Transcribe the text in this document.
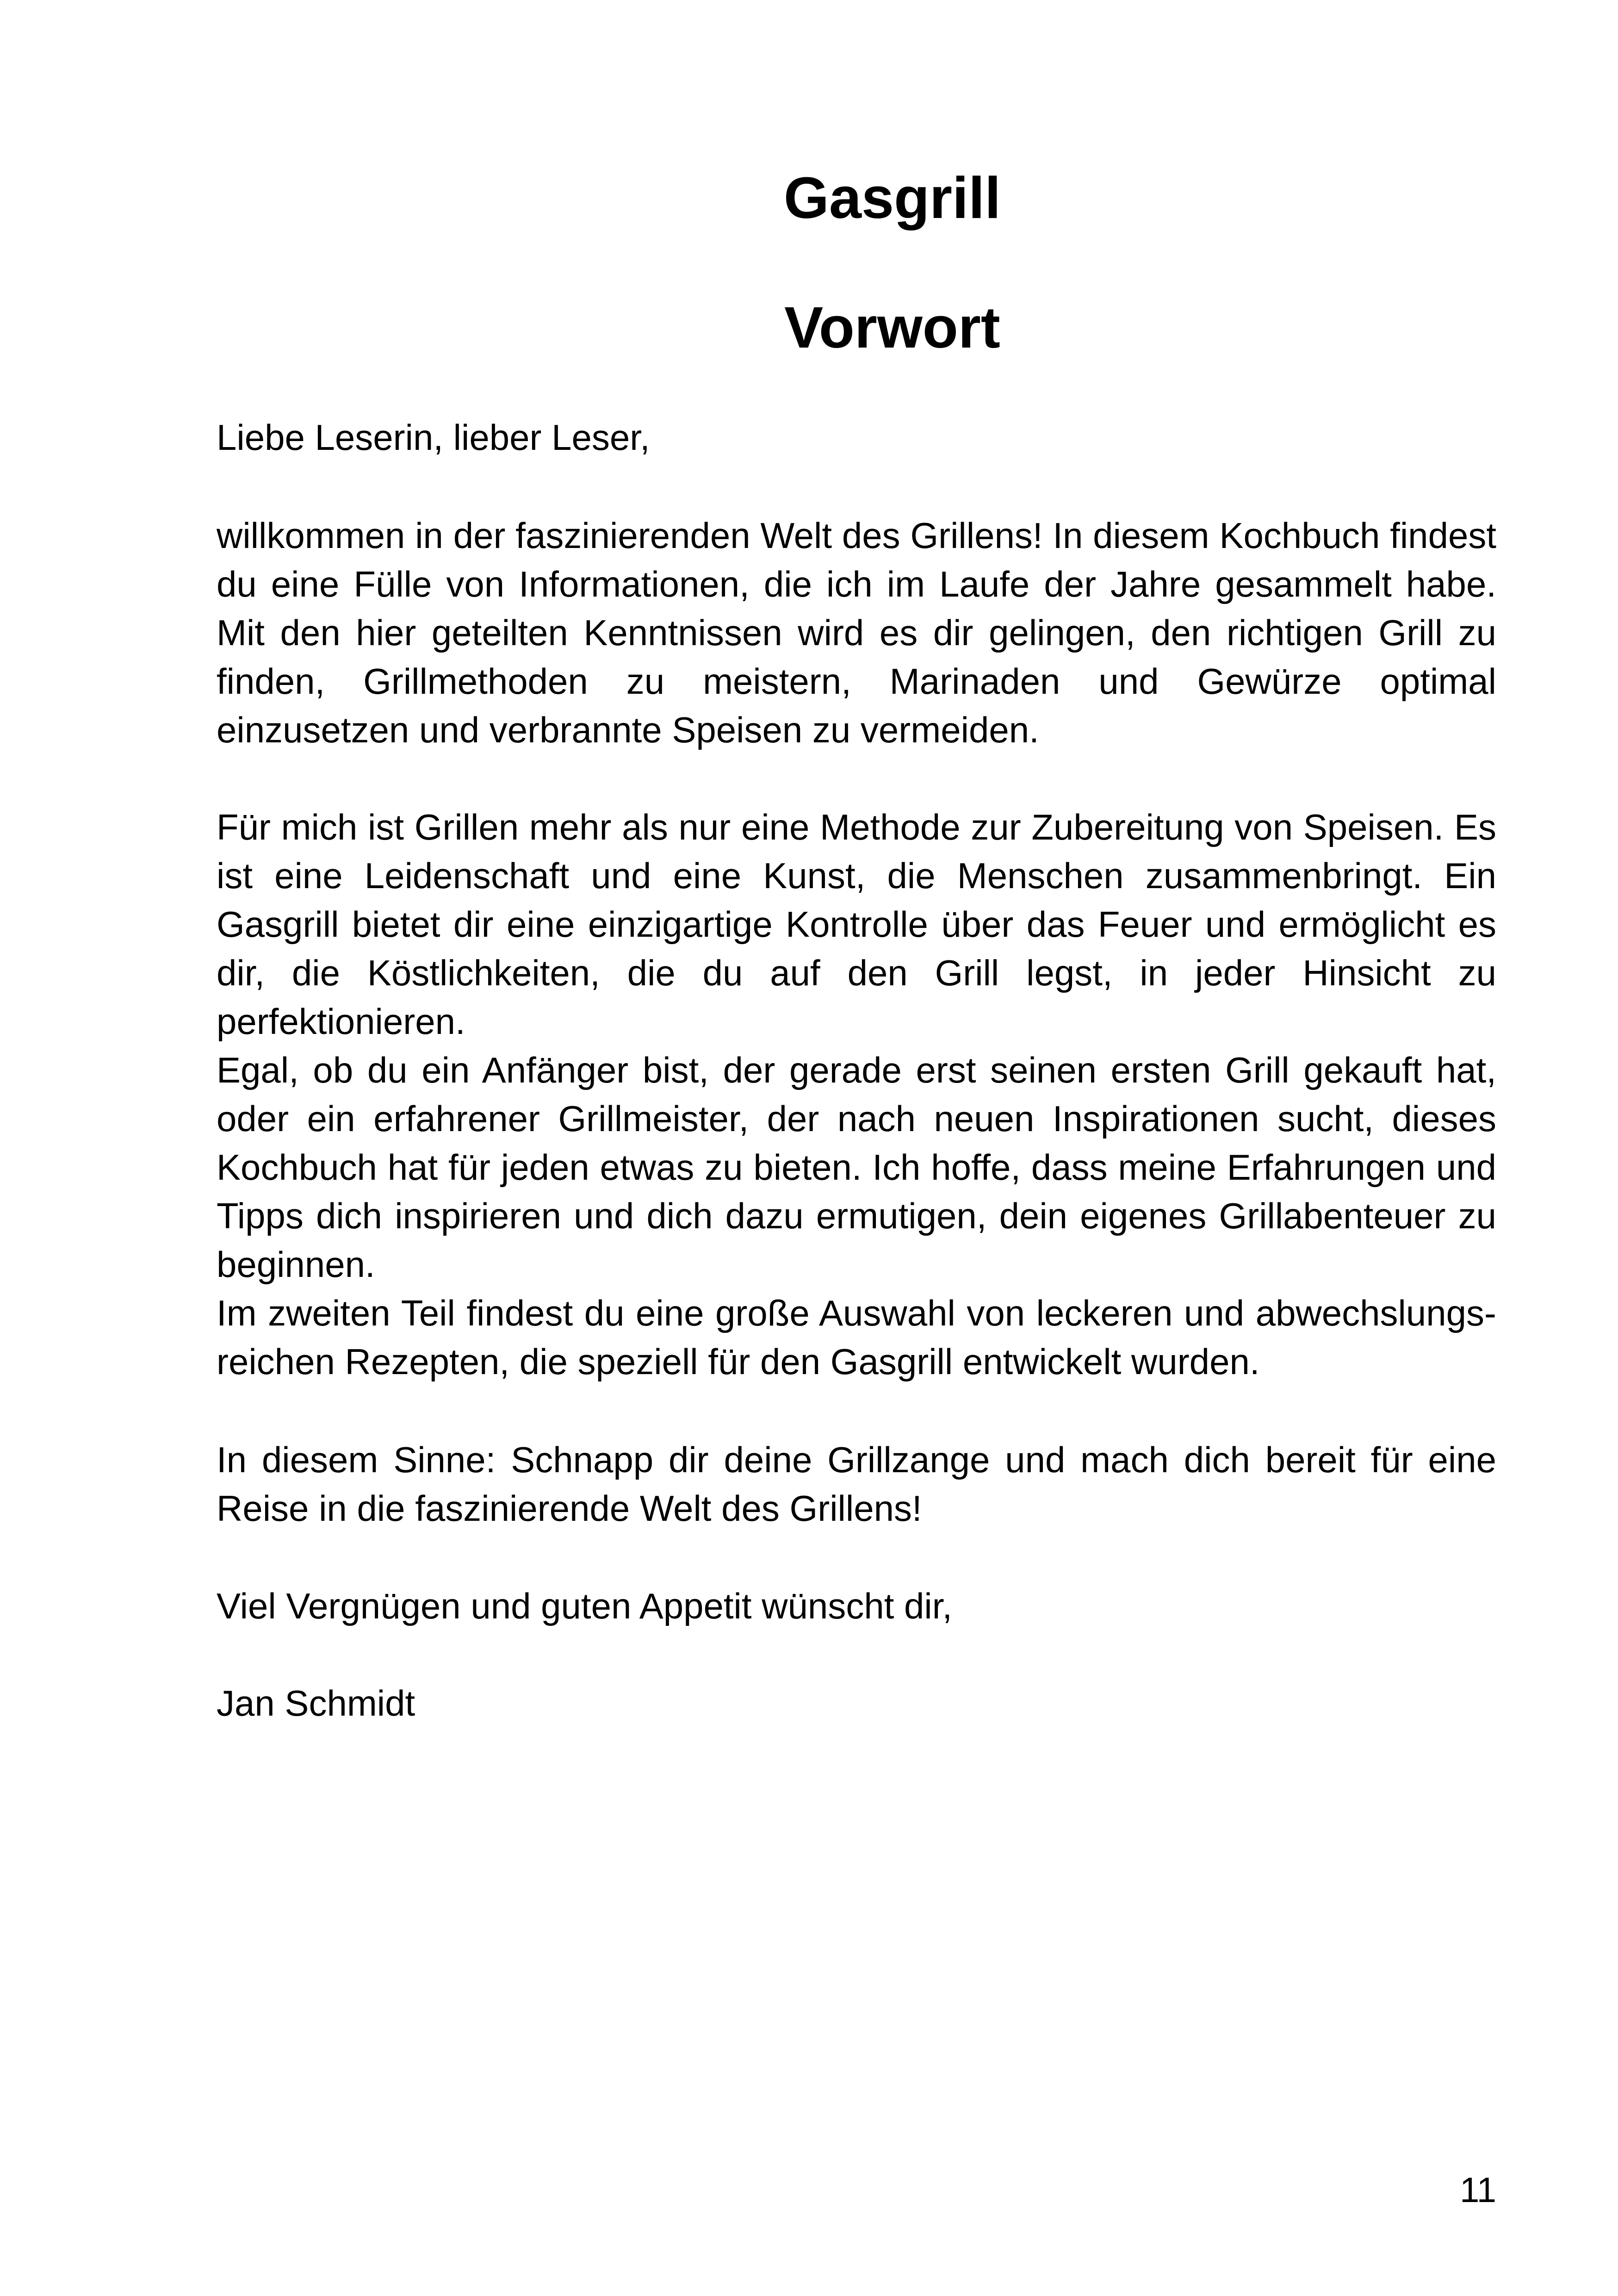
Gasgrill
Vorwort

Liebe Leserin, lieber Leser,

willkommen in der faszinierenden Welt des Grillens! In diesem Kochbuch findest du eine Fülle von Informationen, die ich im Laufe der Jahre gesammelt habe. Mit den hier geteilten Kenntnissen wird es dir gelingen, den richtigen Grill zu finden, Grillmethoden zu meistern, Marinaden und Gewürze optimal einzusetzen und verbrannte Speisen zu vermeiden.

Für mich ist Grillen mehr als nur eine Methode zur Zubereitung von Speisen. Es ist eine Leidenschaft und eine Kunst, die Menschen zusammenbringt. Ein Gasgrill bietet dir eine einzigartige Kontrolle über das Feuer und ermöglicht es dir, die Köstlichkeiten, die du auf den Grill legst, in jeder Hinsicht zu perfektionieren.

Egal, ob du ein Anfänger bist, der gerade erst seinen ersten Grill gekauft hat, oder ein erfahrener Grillmeister, der nach neuen Inspirationen sucht, dieses Kochbuch hat für jeden etwas zu bieten. Ich hoffe, dass meine Erfahrungen und Tipps dich inspirieren und dich dazu ermutigen, dein eigenes Grillabenteuer zu beginnen.

Im zweiten Teil findest du eine große Auswahl von leckeren und abwechslungsreichen Rezepten, die speziell für den Gasgrill entwickelt wurden.

In diesem Sinne: Schnapp dir deine Grillzange und mach dich bereit für eine Reise in die faszinierende Welt des Grillens!

Viel Vergnügen und guten Appetit wünscht dir,

Jan Schmidt

11
